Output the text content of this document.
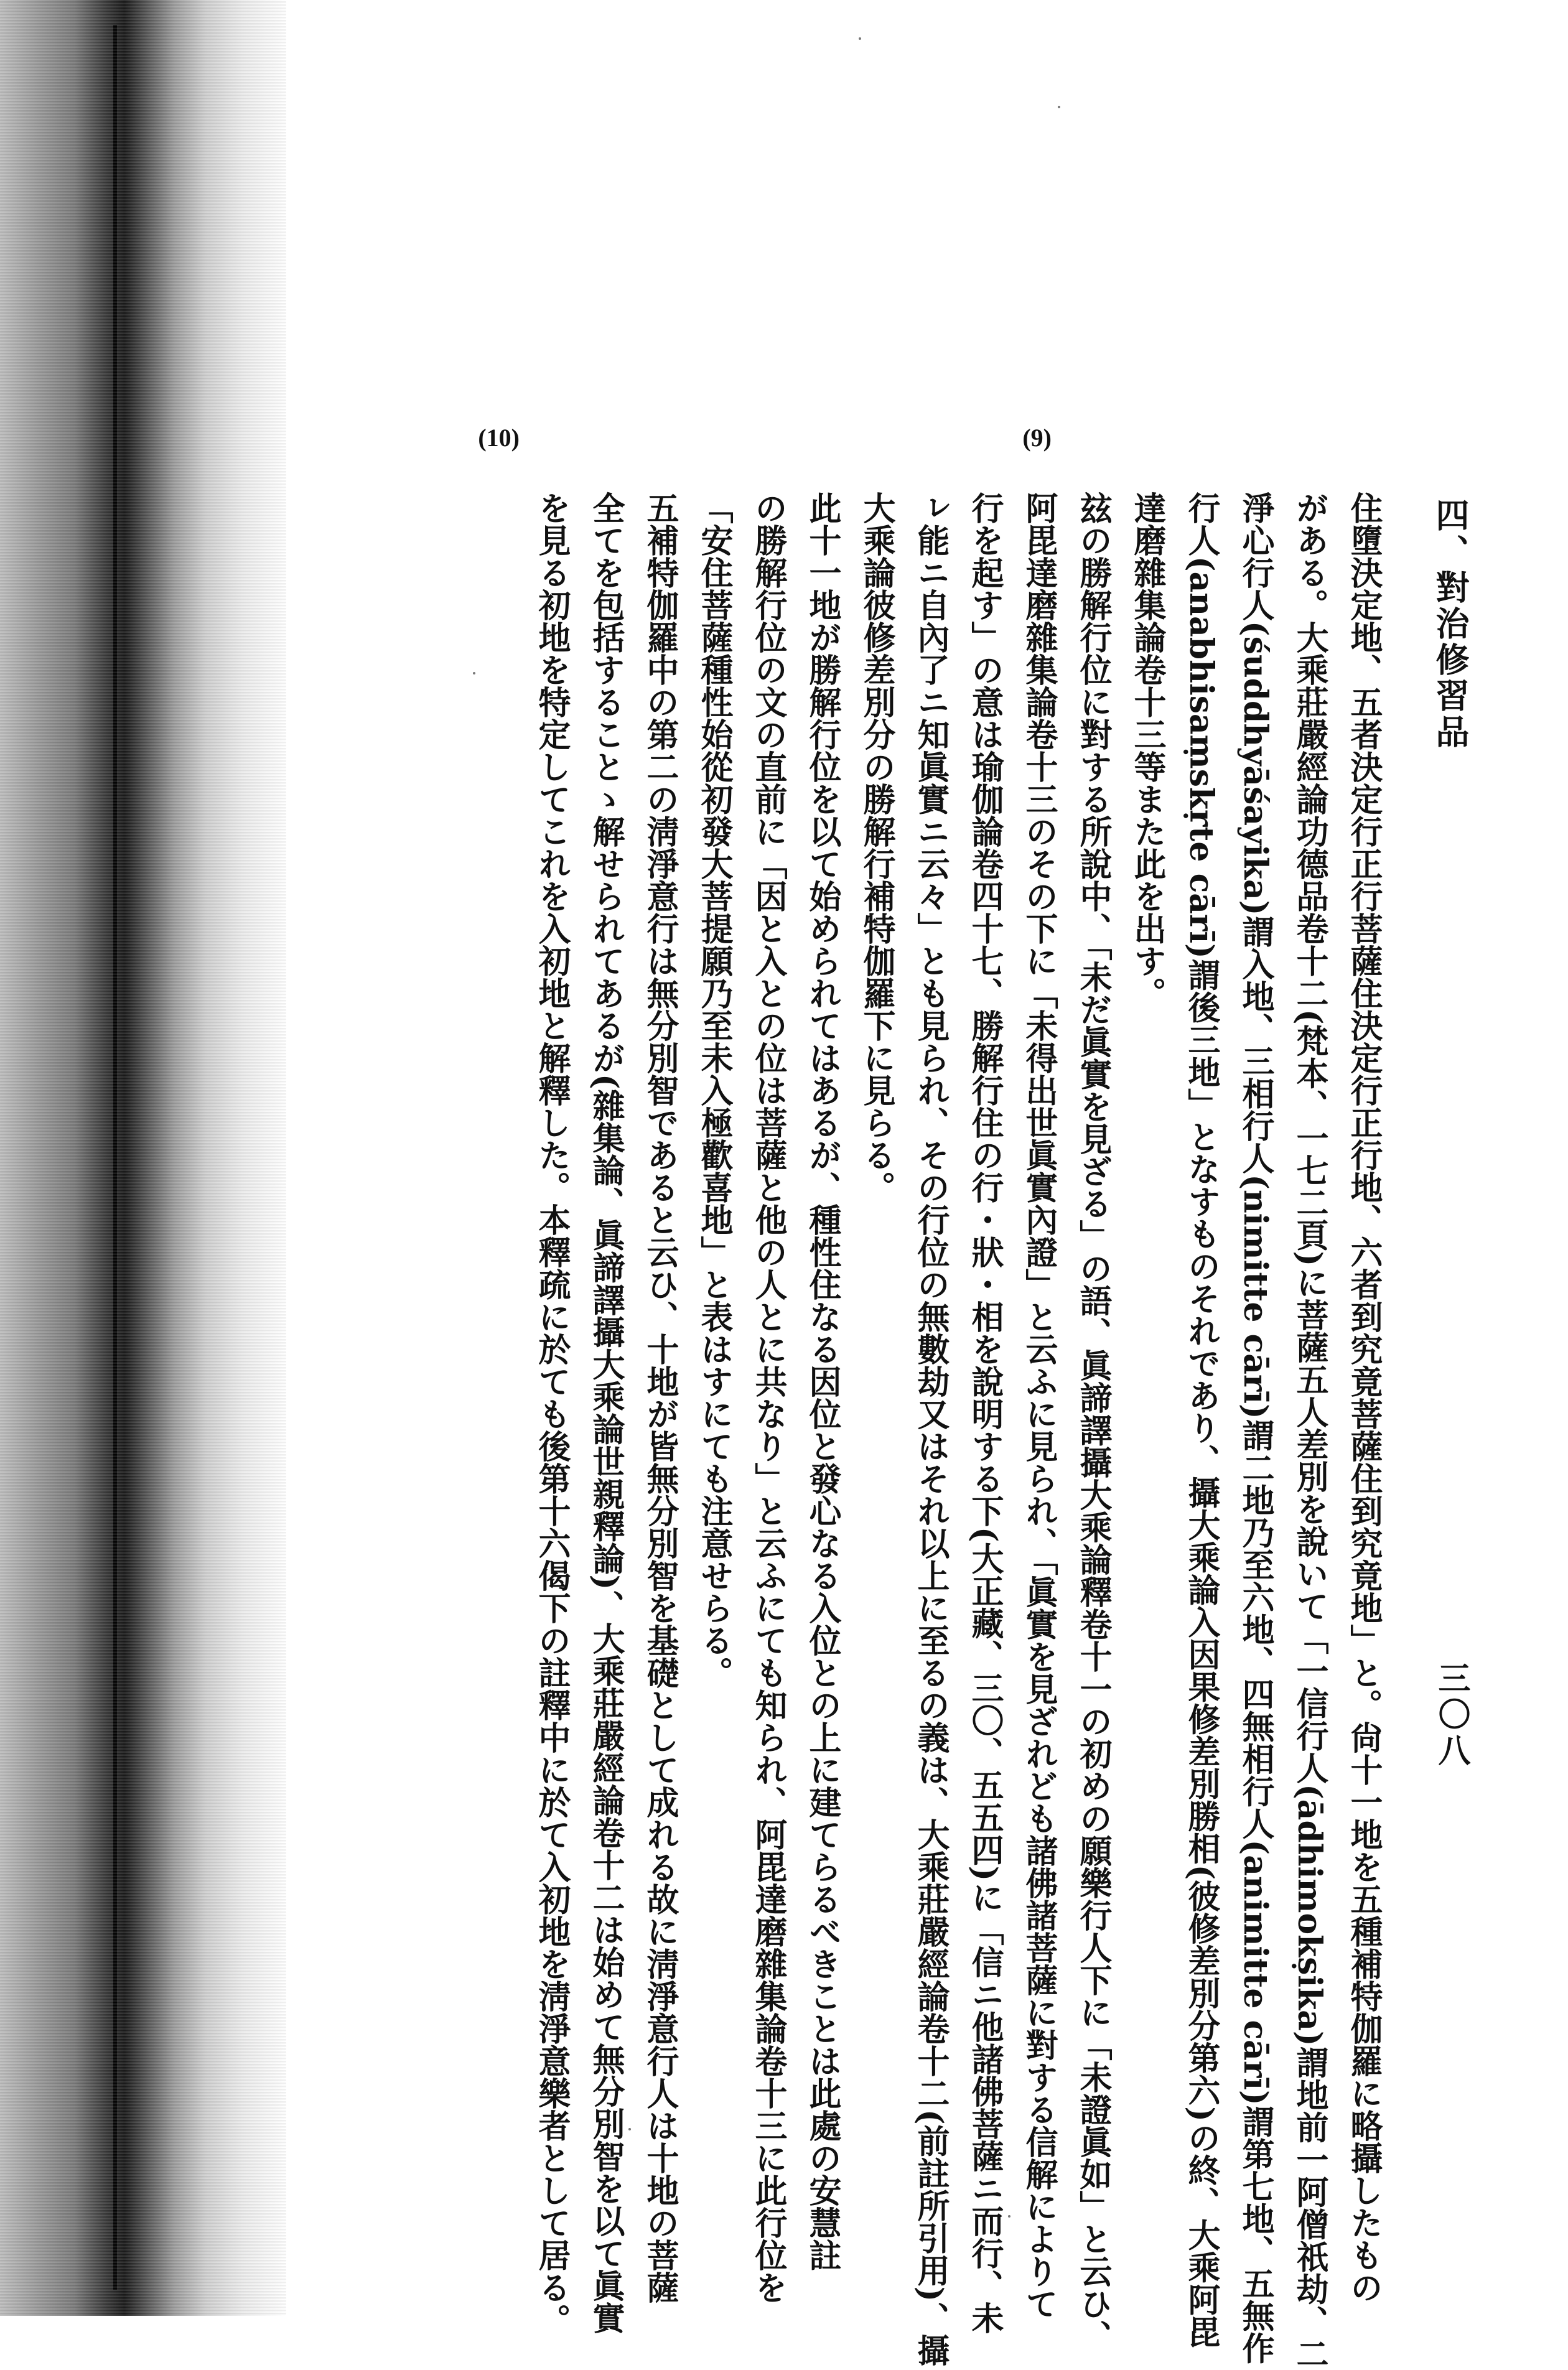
四、對治修習品
三〇八
(9)
(10)

住墮決定地、五者決定行正行菩薩住決定行正行地、六者到究竟菩薩住到究竟地」と。尙十一地を五種補特伽羅に略攝したもの

がある。大乘莊嚴經論功德品卷十二(梵本、一七二頁)に菩薩五人差別を說いて「一信行人(ādhimokṣika)謂地前一阿僧祇劫、二

淨心行人(śuddhyāśayika)謂入地、三相行人(nimitte cārī)謂二地乃至六地、四無相行人(animitte cārī)謂第七地、五無作

行人(anabhisaṃskṛte cārī)謂後三地」となすものそれであり、攝大乘論入因果修差別勝相(彼修差別分第六)の終、大乘阿毘

達磨雜集論卷十三等また此を出す。

玆の勝解行位に對する所說中、「未だ眞實を見ざる」の語、眞諦譯攝大乘論釋卷十一の初めの願樂行人下に「未證眞如」と云ひ、

阿毘達磨雜集論卷十三のその下に「未得出世眞實內證」と云ふに見られ、「眞實を見ざれども諸佛諸菩薩に對する信解によりて

行を起す」の意は瑜伽論卷四十七、勝解行住の行・狀・相を說明する下(大正藏、三〇、五五四)に「信ニ他諸佛菩薩ニ而行、未

ㇾ能ニ自內了ニ知眞實ニ云々」とも見られ、その行位の無數劫又はそれ以上に至るの義は、大乘莊嚴經論卷十二(前註所引用)、攝

大乘論彼修差別分の勝解行補特伽羅下に見らる。

此十一地が勝解行位を以て始められてはあるが、種性住なる因位と發心なる入位との上に建てらるべきことは此處の安慧註

の勝解行位の文の直前に「因と入との位は菩薩と他の人とに共なり」と云ふにても知られ、阿毘達磨雜集論卷十三に此行位を

「安住菩薩種性始從初發大菩提願乃至未入極歡喜地」と表はすにても注意せらる。

五補特伽羅中の第二の淸淨意行は無分別智であると云ひ、十地が皆無分別智を基礎として成れる故に淸淨意行人は十地の菩薩

全てを包括することゝ解せられてあるが(雜集論、眞諦譯攝大乘論世親釋論)、大乘莊嚴經論卷十二は始めて無分別智を以て眞實

を見る初地を特定してこれを入初地と解釋した。本釋疏に於ても後第十六偈下の註釋中に於て入初地を淸淨意樂者として居る。
